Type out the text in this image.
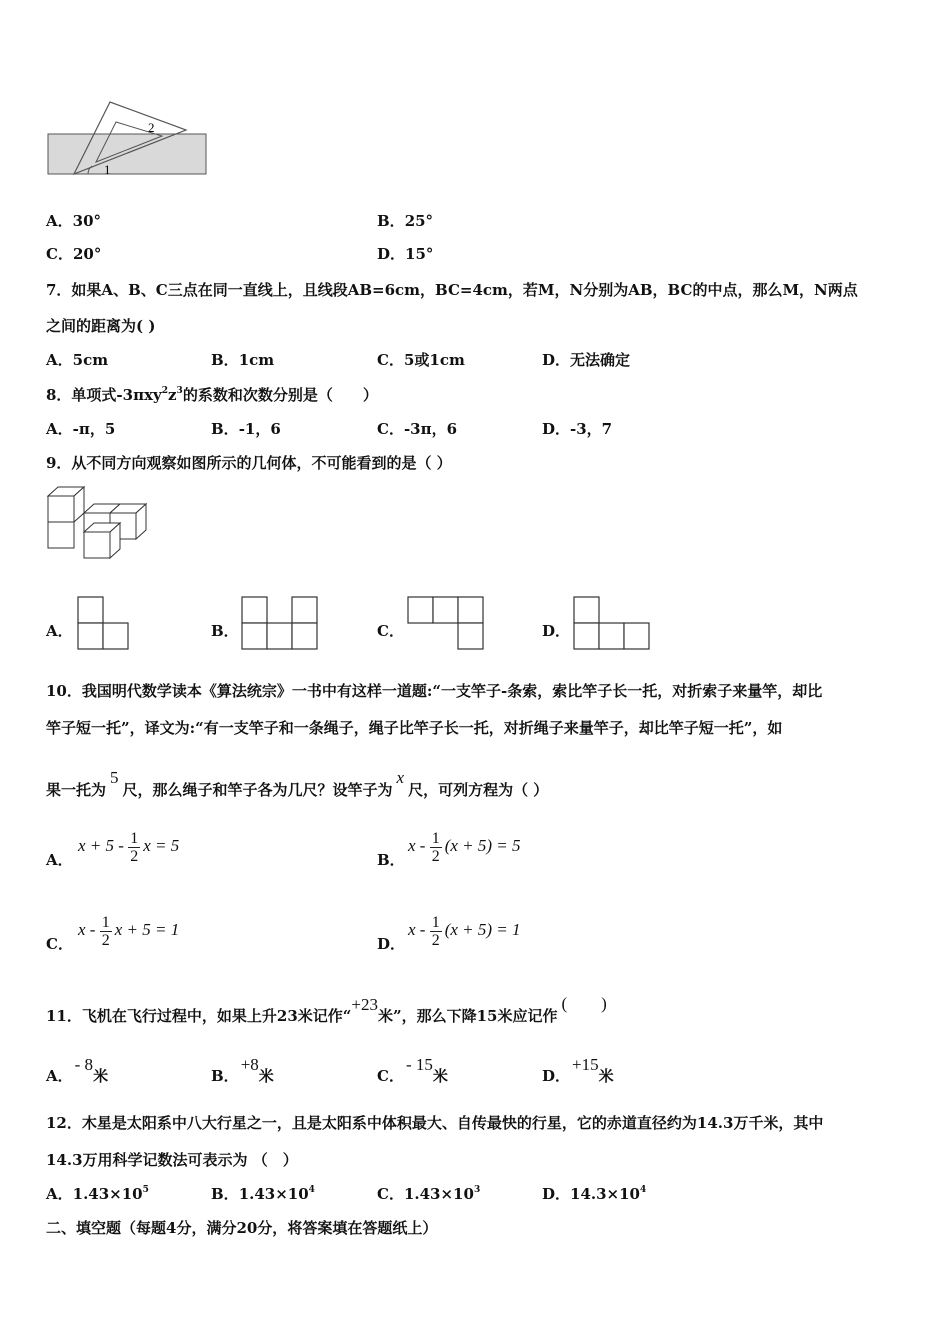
2
1
A．30°	B．25°
C．20°	D．15°
7．如果A、B、C三点在同一直线上，且线段AB=6cm，BC=4cm，若M，N分别为AB，BC的中点，那么M，N两点
之间的距离为( )
A．5cm	B．1cm	C．5或1cm	D．无法确定
8．单项式$-3\pi xy^2z^3$的系数和次数分别是（　　）
A．-π，5	B．-1，6	C．-3π，6	D．-3，7
9．从不同方向观察如图所示的几何体，不可能看到的是（ ）
A．	B．	C．	D．
10．我国明代数学读本《算法统宗》一书中有这样一道题:“一支竿子-条索，索比竿子长一托，对折索子来量竿，却比
竿子短一托”，译文为:“有一支竿子和一条绳子，绳子比竿子长一托，对折绳子来量竿子，却比竿子短一托”，如
果一托为5尺，那么绳子和竿子各为几尺？设竿子为x尺，可列方程为（ ）
A．
$x + 5 - \frac{1}{2}$ x = 5
B．
$x - \frac{1}{2} (x + 5) = 5$
C．
x - $\frac{1}{2}$ x + 5 = 1
D．
$x - \frac{1}{2} (x + 5) = 1$
11．飞机在飞行过程中，如果上升23米记作“+23米”，那么下降15米应记作(　　)
A．- 8米	B．+8米	C．- 15米	D．+15米
12．木星是太阳系中八大行星之一，且是太阳系中体积最大、自传最快的行星，它的赤道直径约为14.3万千米，其中
14.3万用科学记数法可表示为 （　）
A．$1.43\times 10^5$	B．$1.43\times 10^4$	C．$1.43\times 10^3$	D．$14.3\times 10^4$
二、填空题（每题4分，满分20分，将答案填在答题纸上）
